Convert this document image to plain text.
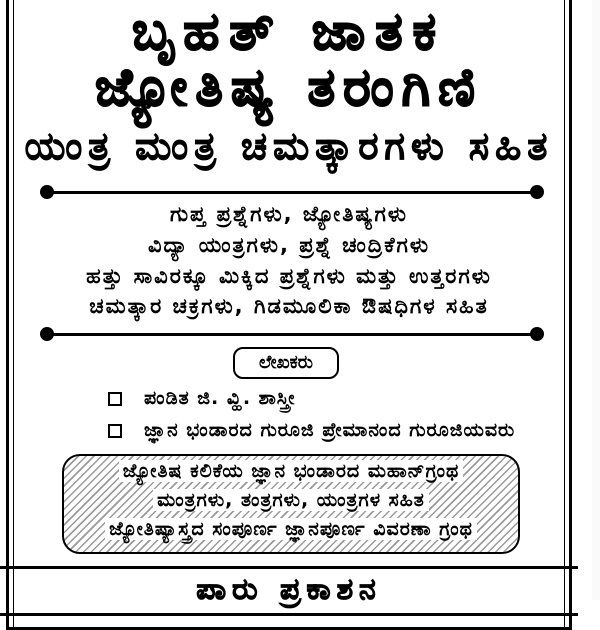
ಬೃಹತ್ ಜಾತಕ
ಜ್ಯೋತಿಷ್ಯ ತರಂಗಿಣಿ
ಯಂತ್ರ ಮಂತ್ರ ಚಮತ್ಕಾರಗಳು ಸಹಿತ
ಗುಪ್ತ ಪ್ರಶ್ನೆಗಳು, ಜ್ಯೋತಿಷ್ಯಗಳು
ವಿದ್ಯಾ ಯಂತ್ರಗಳು, ಪ್ರಶ್ನೆ ಚಂದ್ರಿಕೆಗಳು
ಹತ್ತು ಸಾವಿರಕ್ಕೂ ಮಿಕ್ಕಿದ ಪ್ರಶ್ನೆಗಳು ಮತ್ತು ಉತ್ತರಗಳು
ಚಮತ್ಕಾರ ಚಕ್ರಗಳು, ಗಿಡಮೂಲಿಕಾ ಔಷಧಿಗಳ ಸಹಿತ
ಲೇಖಕರು
ಪಂಡಿತ ಜಿ. ವ್ಹಿ. ಶಾಸ್ತ್ರೀ
ಜ್ಞಾನ ಭಂಡಾರದ ಗುರೂಜಿ ಪ್ರೇಮಾನಂದ ಗುರೂಜಿಯವರು
ಜ್ಯೋತಿಷ ಕಲಿಕೆಯ ಜ್ಞಾನ ಭಂಡಾರದ ಮಹಾನ್‌ಗ್ರಂಥ
ಮಂತ್ರಗಳು, ತಂತ್ರಗಳು, ಯಂತ್ರಗಳ ಸಹಿತ
ಜ್ಯೋತಿಷ್ಯಾಸ್ತ್ರದ ಸಂಪೂರ್ಣ ಜ್ಞಾನಪೂರ್ಣ ವಿವರಣಾ ಗ್ರಂಥ
ಪಾರು ಪ್ರಕಾಶನ
